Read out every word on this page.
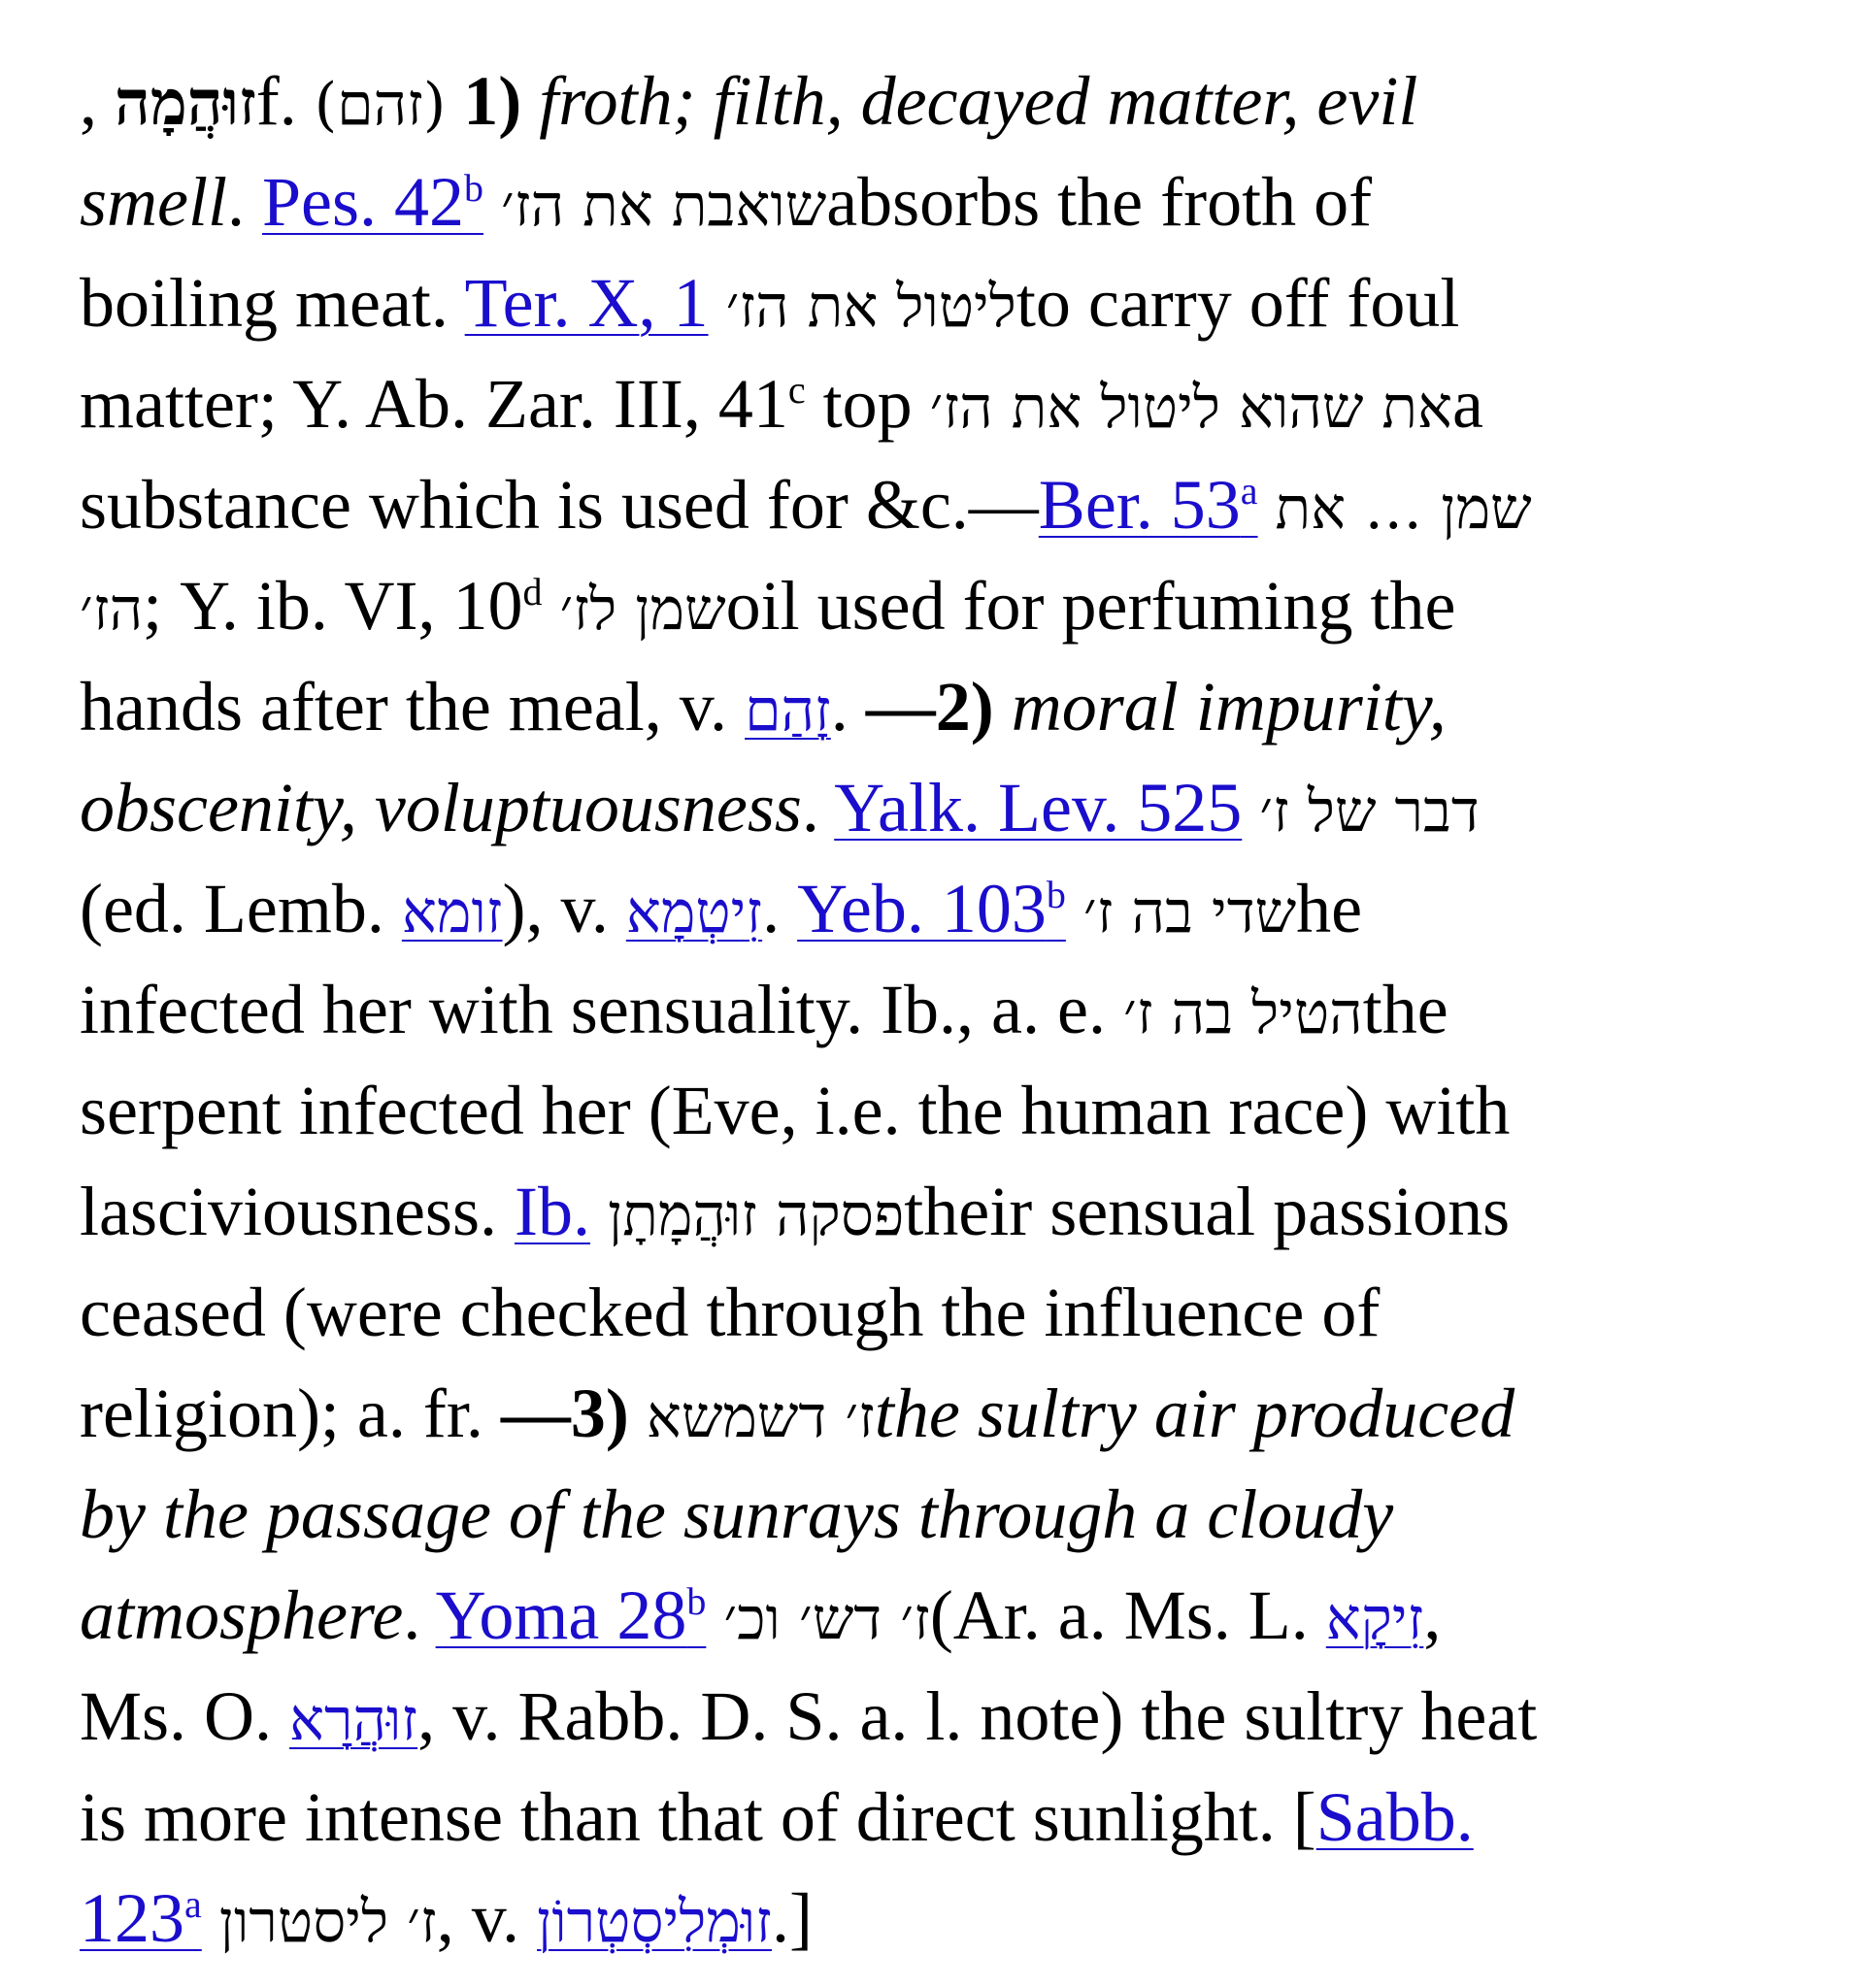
, זוּהֲמָהf. (זהם) 1) froth; filth, decayed matter, evil
smell. Pes. 42$^b$ שואבת את הז׳absorbs the froth of
boiling meat. Ter. X, 1 ליטול את הז׳to carry off foul
matter; Y. Ab. Zar. III, 41$^c$ top את שהוא ליטול את הז׳a
substance which is used for &c.—Ber. 53$^a$ שמן … את
הז׳; Y. ib. VI, 10$^d$ שמן לז׳oil used for perfuming the
hands after the meal, v. זָהַם. —2) moral impurity,
obscenity, voluptuousness. Yalk. Lev. 525 דבר של ז׳
(ed. Lemb. זומא), v. זִיטְמָא. Yeb. 103$^b$ שדי בה ז׳he
infected her with sensuality. Ib., a. e. הטיל בה ז׳the
serpent infected her (Eve, i.e. the human race) with
lasciviousness. Ib. פסקה זוּהֲמָתָןtheir sensual passions
ceased (were checked through the influence of
religion); a. fr. —3) ז׳ דשמשאthe sultry air produced
by the passage of the sunrays through a cloudy
atmosphere. Yoma 28$^b$ ז׳ דש׳ וכ׳(Ar. a. Ms. L. זִיקָא,
Ms. O. זוּהֲרָא, v. Rabb. D. S. a. l. note) the sultry heat
is more intense than that of direct sunlight. [Sabb.
123$^a$ ז׳ ליסטרון, v. זוּמְלִיסְטְרוֹן.]
